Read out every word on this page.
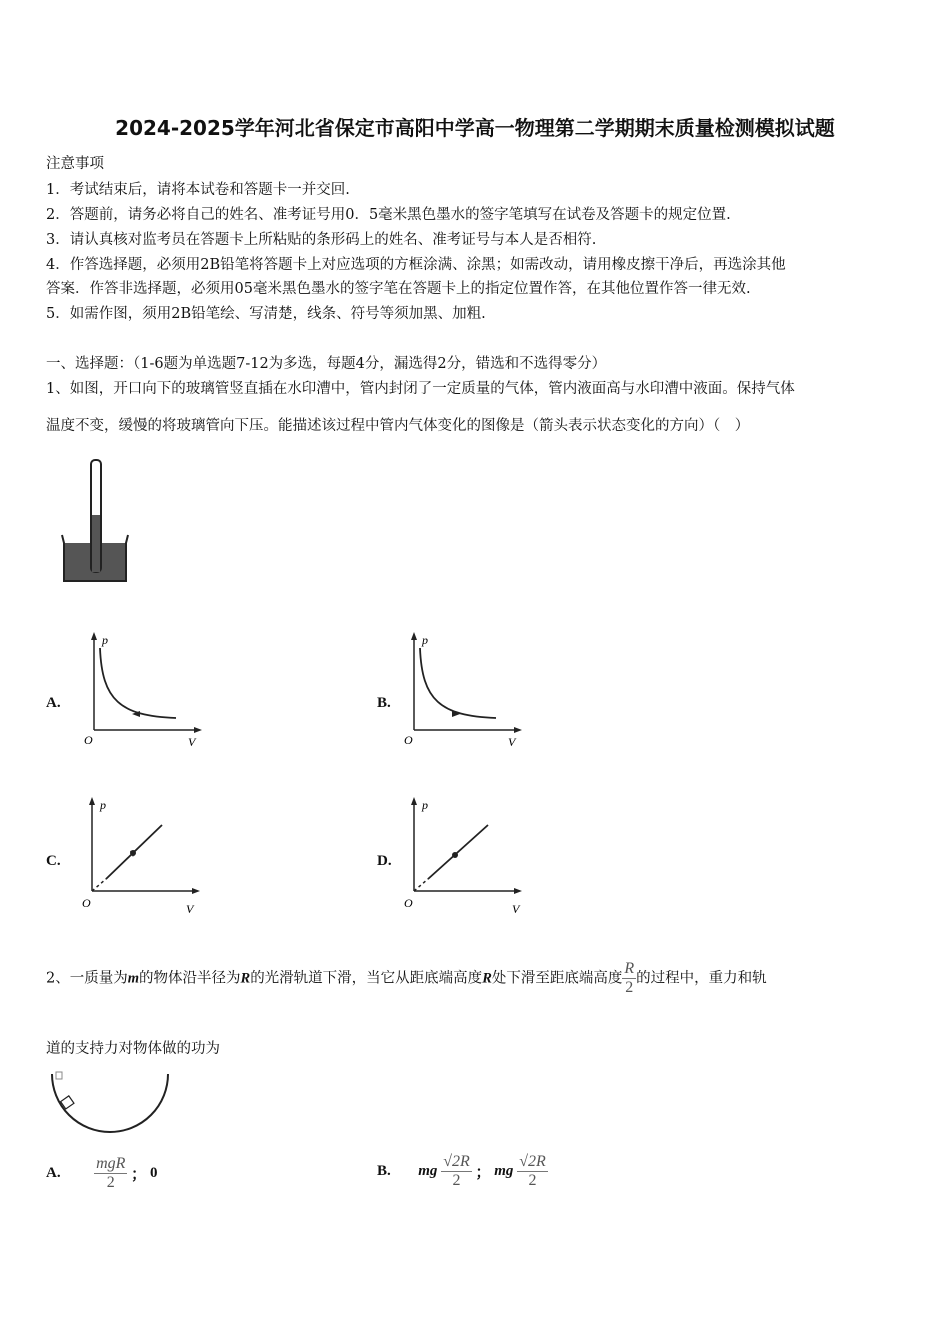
2024-2025学年河北省保定市高阳中学高一物理第二学期期末质量检测模拟试题
注意事项
1．考试结束后，请将本试卷和答题卡一并交回.
2．答题前，请务必将自己的姓名、准考证号用0．5毫米黑色墨水的签字笔填写在试卷及答题卡的规定位置.
3．请认真核对监考员在答题卡上所粘贴的条形码上的姓名、准考证号与本人是否相符.
4．作答选择题，必须用2B铅笔将答题卡上对应选项的方框涂满、涂黑；如需改动，请用橡皮擦干净后，再选涂其他
答案．作答非选择题，必须用05毫米黑色墨水的签字笔在答题卡上的指定位置作答，在其他位置作答一律无效.
5．如需作图，须用2B铅笔绘、写清楚，线条、符号等须加黑、加粗.
一、选择题：（1-6题为单选题7-12为多选，每题4分，漏选得2分，错选和不选得零分）
1、如图，开口向下的玻璃管竖直插在水印漕中，管内封闭了一定质量的气体，管内液面高与水印漕中液面。保持气体
温度不变，缓慢的将玻璃管向下压。能描述该过程中管内气体变化的图像是（箭头表示状态变化的方向）（　）
A.
p
O	V
B.
p
O	V
C.
p
O	V
D.
p
O	V
2、一质量为m的物体沿半径为R的光滑轨道下滑，当它从距底端高度R处下滑至距底端高度 $\frac{R}{2}$ 的过程中，重力和轨
道的支持力对物体做的功为
A. $\frac{\text{mgR}}{2}$ ； 0	B. mg $\frac{√2R}{2}$ ； mg $\frac{√2R}{2}$
